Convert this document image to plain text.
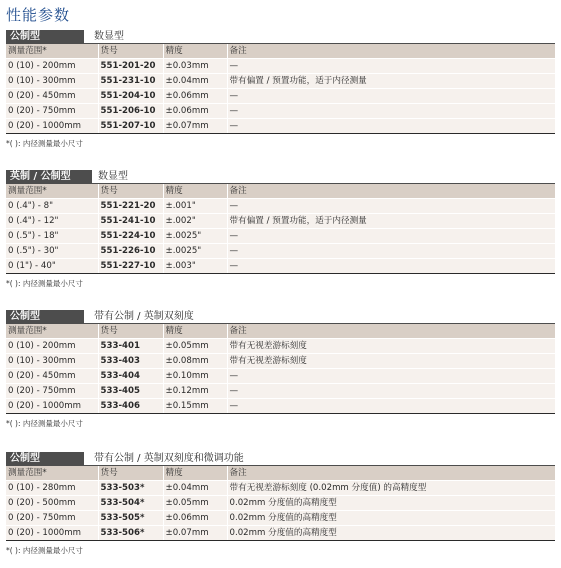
性能参数
公制型	数显型
测量范围*	货号	精度	备注
0 (10) - 200mm	551-201-20	±0.03mm	—
0 (10) - 300mm	551-231-10	±0.04mm	带有偏置 / 预置功能，适于内径测量
0 (20) - 450mm	551-204-10	±0.06mm	—
0 (20) - 750mm	551-206-10	±0.06mm	—
0 (20) - 1000mm	551-207-10	±0.07mm	—
*( ): 内径测量最小尺寸
英制 / 公制型	数显型
测量范围*	货号	精度	备注
0 (.4") - 8"	551-221-20	±.001"	—
0 (.4") - 12"	551-241-10	±.002"	带有偏置 / 预置功能，适于内径测量
0 (.5") - 18"	551-224-10	±.0025"	—
0 (.5") - 30"	551-226-10	±.0025"	—
0 (1") - 40"	551-227-10	±.003"	—
*( ): 内径测量最小尺寸
公制型	带有公制 / 英制双刻度
测量范围*	货号	精度	备注
0 (10) - 200mm	533-401	±0.05mm	带有无视差游标刻度
0 (10) - 300mm	533-403	±0.08mm	带有无视差游标刻度
0 (20) - 450mm	533-404	±0.10mm	—
0 (20) - 750mm	533-405	±0.12mm	—
0 (20) - 1000mm	533-406	±0.15mm	—
*( ): 内径测量最小尺寸
公制型	带有公制 / 英制双刻度和微调功能
测量范围*	货号	精度	备注
0 (10) - 280mm	533-503*	±0.04mm	带有无视差游标刻度 (0.02mm 分度值) 的高精度型
0 (20) - 500mm	533-504*	±0.05mm	0.02mm 分度值的高精度型
0 (20) - 750mm	533-505*	±0.06mm	0.02mm 分度值的高精度型
0 (20) - 1000mm	533-506*	±0.07mm	0.02mm 分度值的高精度型
*( ): 内径测量最小尺寸
